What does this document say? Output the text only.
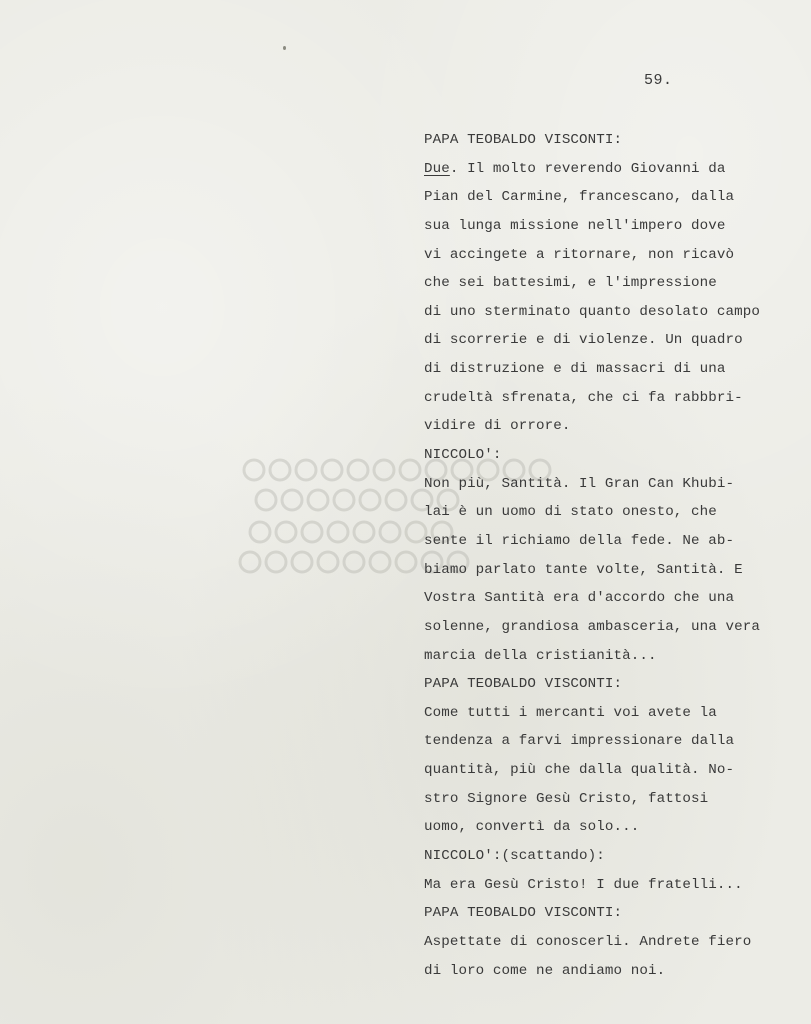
59.
PAPA TEOBALDO VISCONTI:
Due. Il molto reverendo Giovanni da
Pian del Carmine, francescano, dalla
sua lunga missione nell'impero dove
vi accingete a ritornare, non ricavò
che sei battesimi, e l'impressione
di uno sterminato quanto desolato campo
di scorrerie e di violenze. Un quadro
di distruzione e di massacri di una
crudeltà sfrenata, che ci fa rabbbri-
vidire di orrore.
NICCOLO':
Non più, Santità. Il Gran Can Khubi-
lai è un uomo di stato onesto, che
sente il richiamo della fede. Ne ab-
biamo parlato tante volte, Santità. E
Vostra Santità era d'accordo che una
solenne, grandiosa ambasceria, una vera
marcia della cristianità...
PAPA TEOBALDO VISCONTI:
Come tutti i mercanti voi avete la
tendenza a farvi impressionare dalla
quantità, più che dalla qualità. No-
stro Signore Gesù Cristo, fattosi
uomo, convertì da solo...
NICCOLO':(scattando):
Ma era Gesù Cristo! I due fratelli...
PAPA TEOBALDO VISCONTI:
Aspettate di conoscerli. Andrete fiero
di loro come ne andiamo noi.
